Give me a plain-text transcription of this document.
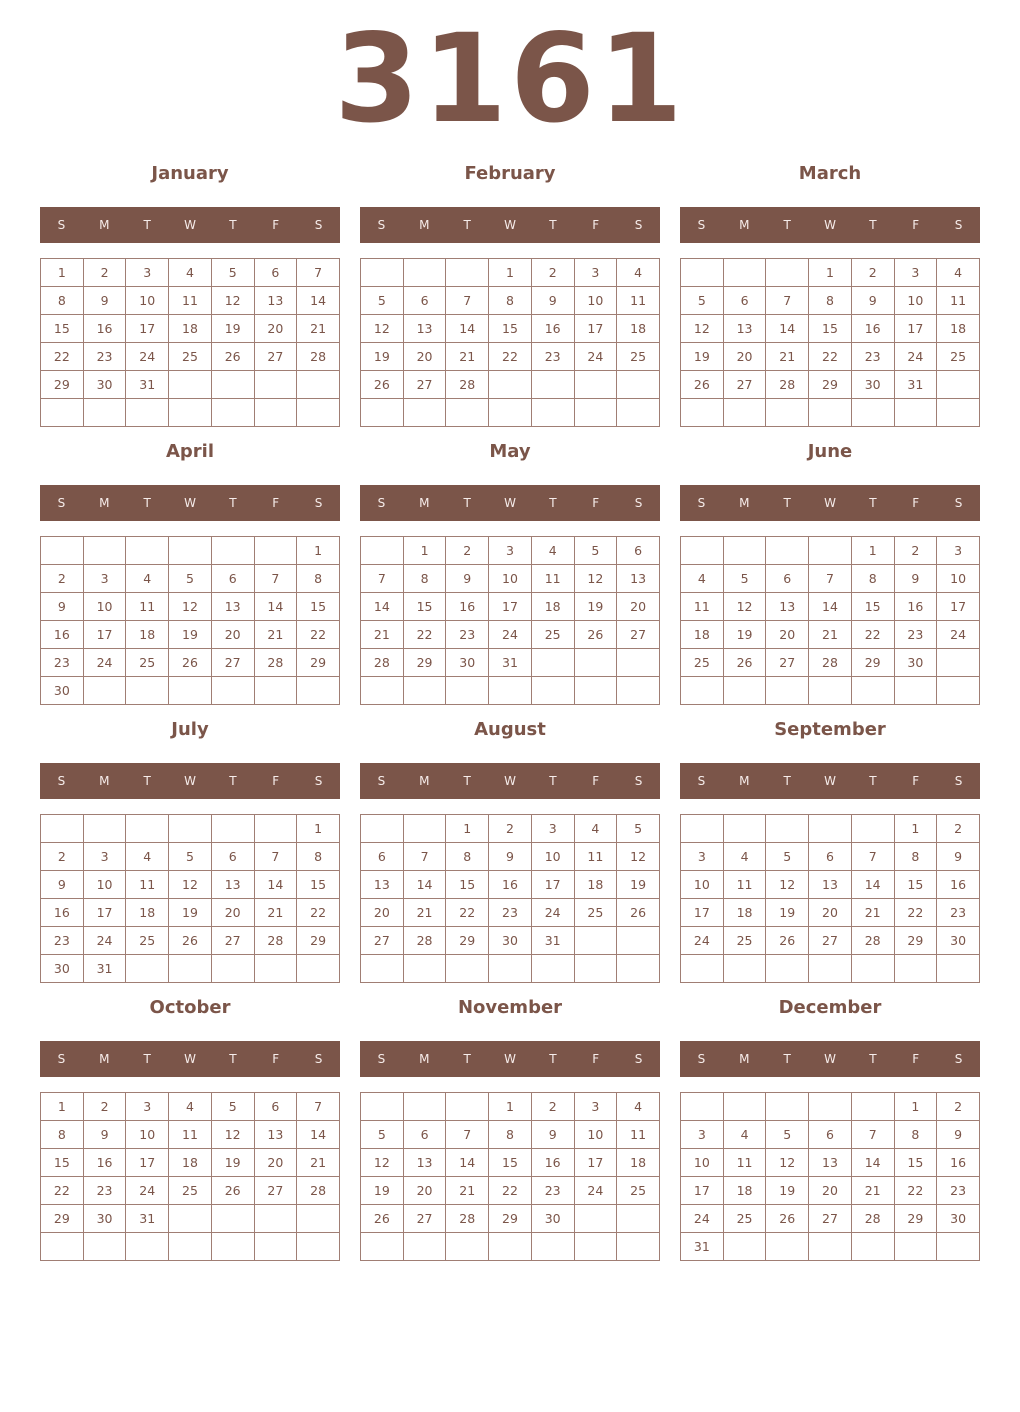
3161
January
S	M	T	W	T	F	S
1	2	3	4	5	6	7
8	9	10	11	12	13	14
15	16	17	18	19	20	21
22	23	24	25	26	27	28
29	30	31				

February
S	M	T	W	T	F	S
			1	2	3	4
5	6	7	8	9	10	11
12	13	14	15	16	17	18
19	20	21	22	23	24	25
26	27	28				

March
S	M	T	W	T	F	S
			1	2	3	4
5	6	7	8	9	10	11
12	13	14	15	16	17	18
19	20	21	22	23	24	25
26	27	28	29	30	31	

April
S	M	T	W	T	F	S
						1
2	3	4	5	6	7	8
9	10	11	12	13	14	15
16	17	18	19	20	21	22
23	24	25	26	27	28	29
30						
May
S	M	T	W	T	F	S
	1	2	3	4	5	6
7	8	9	10	11	12	13
14	15	16	17	18	19	20
21	22	23	24	25	26	27
28	29	30	31			

June
S	M	T	W	T	F	S
				1	2	3
4	5	6	7	8	9	10
11	12	13	14	15	16	17
18	19	20	21	22	23	24
25	26	27	28	29	30	

July
S	M	T	W	T	F	S
						1
2	3	4	5	6	7	8
9	10	11	12	13	14	15
16	17	18	19	20	21	22
23	24	25	26	27	28	29
30	31					
August
S	M	T	W	T	F	S
		1	2	3	4	5
6	7	8	9	10	11	12
13	14	15	16	17	18	19
20	21	22	23	24	25	26
27	28	29	30	31		

September
S	M	T	W	T	F	S
					1	2
3	4	5	6	7	8	9
10	11	12	13	14	15	16
17	18	19	20	21	22	23
24	25	26	27	28	29	30

October
S	M	T	W	T	F	S
1	2	3	4	5	6	7
8	9	10	11	12	13	14
15	16	17	18	19	20	21
22	23	24	25	26	27	28
29	30	31				

November
S	M	T	W	T	F	S
			1	2	3	4
5	6	7	8	9	10	11
12	13	14	15	16	17	18
19	20	21	22	23	24	25
26	27	28	29	30		

December
S	M	T	W	T	F	S
					1	2
3	4	5	6	7	8	9
10	11	12	13	14	15	16
17	18	19	20	21	22	23
24	25	26	27	28	29	30
31						
